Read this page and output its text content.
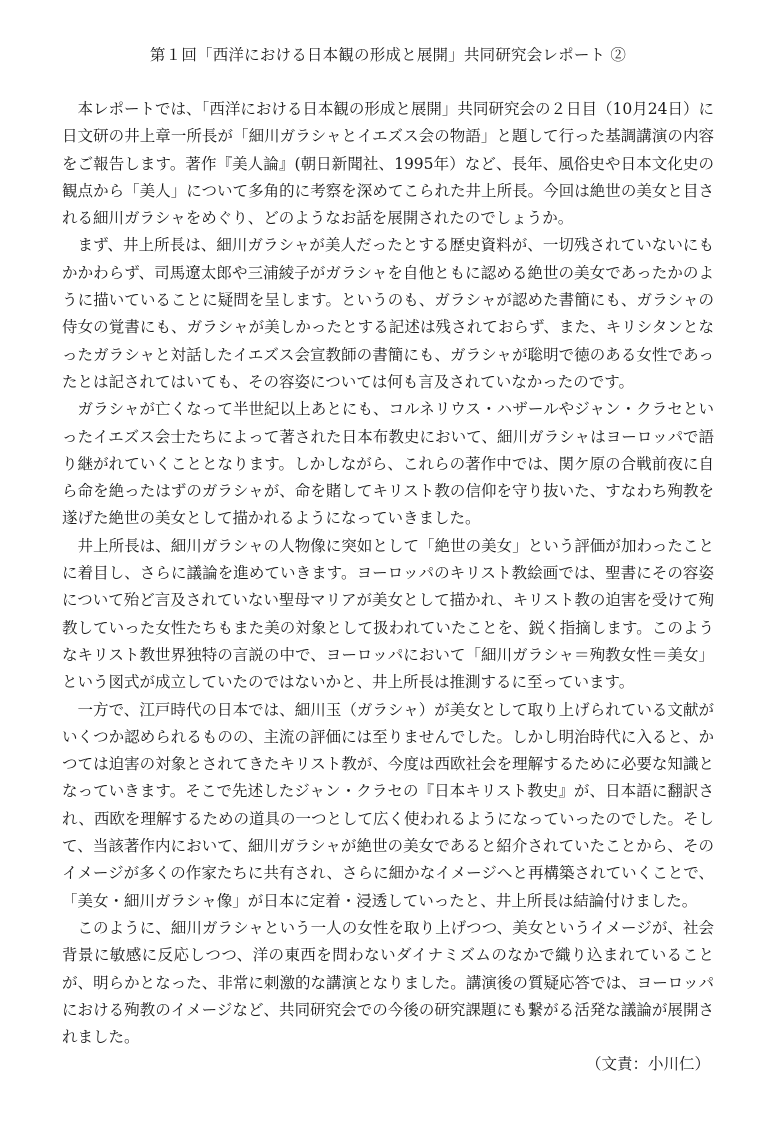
第１回「西洋における日本観の形成と展開」共同研究会レポート ②

本レポートでは、「西洋における日本観の形成と展開」共同研究会の２日目（10月24日）に日文研の井上章一所長が「細川ガラシャとイエズス会の物語」と題して行った基調講演の内容をご報告します。著作『美人論』(朝日新聞社、1995年）など、長年、風俗史や日本文化史の観点から「美人」について多角的に考察を深めてこられた井上所長。今回は絶世の美女と目される細川ガラシャをめぐり、どのようなお話を展開されたのでしょうか。

まず、井上所長は、細川ガラシャが美人だったとする歴史資料が、一切残されていないにもかかわらず、司馬遼太郎や三浦綾子がガラシャを自他ともに認める絶世の美女であったかのように描いていることに疑問を呈します。というのも、ガラシャが認めた書簡にも、ガラシャの侍女の覚書にも、ガラシャが美しかったとする記述は残されておらず、また、キリシタンとなったガラシャと対話したイエズス会宣教師の書簡にも、ガラシャが聡明で徳のある女性であったとは記されてはいても、その容姿については何も言及されていなかったのです。

ガラシャが亡くなって半世紀以上あとにも、コルネリウス・ハザールやジャン・クラセといったイエズス会士たちによって著された日本布教史において、細川ガラシャはヨーロッパで語り継がれていくこととなります。しかしながら、これらの著作中では、関ケ原の合戦前夜に自ら命を絶ったはずのガラシャが、命を賭してキリスト教の信仰を守り抜いた、すなわち殉教を遂げた絶世の美女として描かれるようになっていきました。

井上所長は、細川ガラシャの人物像に突如として「絶世の美女」という評価が加わったことに着目し、さらに議論を進めていきます。ヨーロッパのキリスト教絵画では、聖書にその容姿について殆ど言及されていない聖母マリアが美女として描かれ、キリスト教の迫害を受けて殉教していった女性たちもまた美の対象として扱われていたことを、鋭く指摘します。このようなキリスト教世界独特の言説の中で、ヨーロッパにおいて「細川ガラシャ＝殉教女性＝美女」という図式が成立していたのではないかと、井上所長は推測するに至っています。

一方で、江戸時代の日本では、細川玉（ガラシャ）が美女として取り上げられている文献がいくつか認められるものの、主流の評価には至りませんでした。しかし明治時代に入ると、かつては迫害の対象とされてきたキリスト教が、今度は西欧社会を理解するために必要な知識となっていきます。そこで先述したジャン・クラセの『日本キリスト教史』が、日本語に翻訳され、西欧を理解するための道具の一つとして広く使われるようになっていったのでした。そして、当該著作内において、細川ガラシャが絶世の美女であると紹介されていたことから、そのイメージが多くの作家たちに共有され、さらに細かなイメージへと再構築されていくことで、「美女・細川ガラシャ像」が日本に定着・浸透していったと、井上所長は結論付けました。

このように、細川ガラシャという一人の女性を取り上げつつ、美女というイメージが、社会背景に敏感に反応しつつ、洋の東西を問わないダイナミズムのなかで織り込まれていることが、明らかとなった、非常に刺激的な講演となりました。講演後の質疑応答では、ヨーロッパにおける殉教のイメージなど、共同研究会での今後の研究課題にも繋がる活発な議論が展開されました。

（文責：小川仁）
